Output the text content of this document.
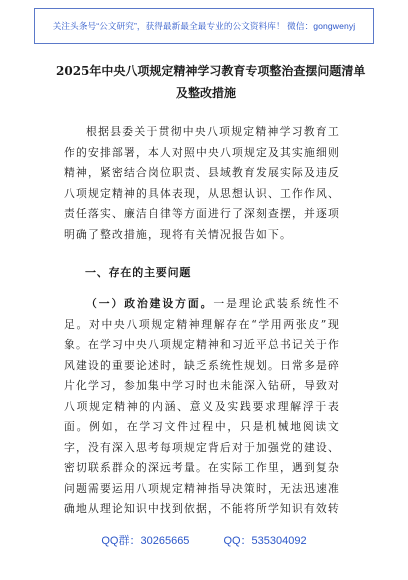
关注头条号“公文研究”，获得最新最全最专业的公文资料库！ 微信：gongwenyj
2025年中央八项规定精神学习教育专项整治查摆问题清单
及整改措施

根据县委关于贯彻中央八项规定精神学习教育工作的安排部署，本人对照中央八项规定及其实施细则精神，紧密结合岗位职责、县域教育发展实际及违反八项规定精神的具体表现，从思想认识、工作作风、责任落实、廉洁自律等方面进行了深刻查摆，并逐项明确了整改措施，现将有关情况报告如下。

一、存在的主要问题

（一）政治建设方面。一是理论武装系统性不足。对中央八项规定精神理解存在“学用两张皮”现象。在学习中央八项规定精神和习近平总书记关于作风建设的重要论述时，缺乏系统性规划。日常多是碎片化学习，参加集中学习时也未能深入钻研，导致对八项规定精神的内涵、意义及实践要求理解浮于表面。例如，在学习文件过程中，只是机械地阅读文字，没有深入思考每项规定背后对于加强党的建设、密切联系群众的深远考量。在实际工作里，遇到复杂问题需要运用八项规定精神指导决策时，无法迅速准确地从理论知识中找到依据，不能将所学知识有效转

QQ群：30265665	QQ：535304092
